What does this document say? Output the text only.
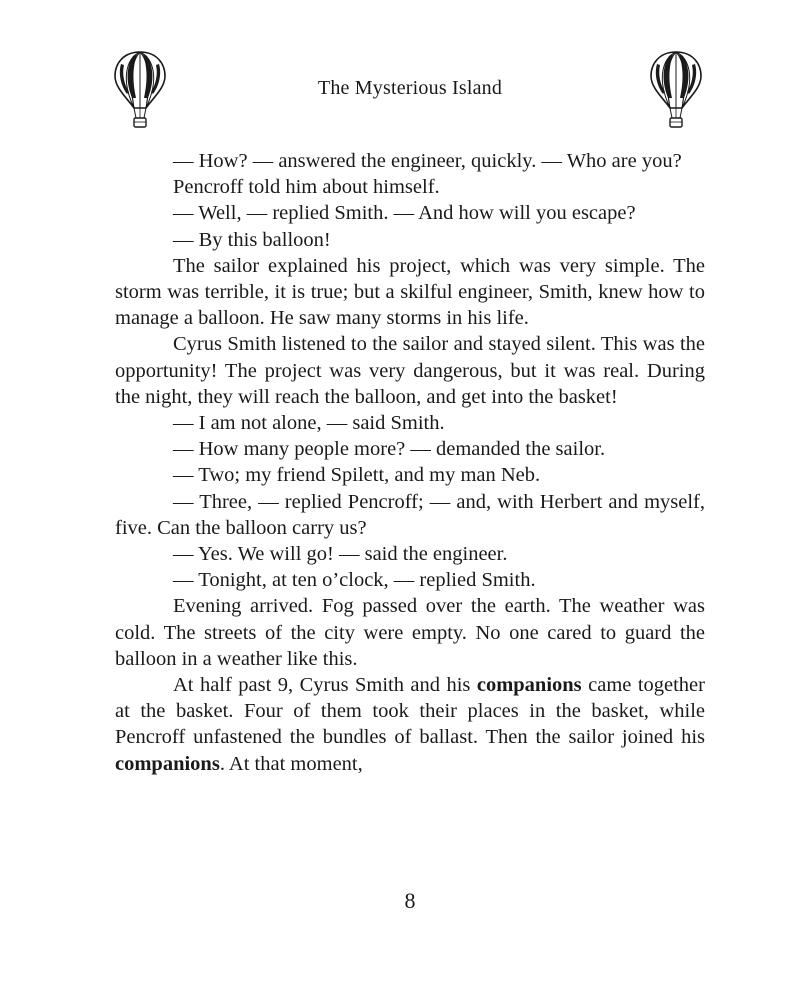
The Mysterious Island

— How? — answered the engineer, quickly. — Who are you?

Pencroff told him about himself.

— Well, — replied Smith. — And how will you escape?

— By this balloon!

The sailor explained his project, which was very simple. The storm was terrible, it is true; but a skilful engineer, Smith, knew how to manage a balloon. He saw many storms in his life.

Cyrus Smith listened to the sailor and stayed silent. This was the opportunity! The project was very dangerous, but it was real. During the night, they will reach the balloon, and get into the basket!

— I am not alone, — said Smith.

— How many people more? — demanded the sailor.

— Two; my friend Spilett, and my man Neb.

— Three, — replied Pencroff; — and, with Herbert and myself, five. Can the balloon carry us?

— Yes. We will go! — said the engineer.

— Tonight, at ten o’clock, — replied Smith.

Evening arrived. Fog passed over the earth. The weather was cold. The streets of the city were empty. No one cared to guard the balloon in a weather like this.

At half past 9, Cyrus Smith and his companions came together at the basket. Four of them took their places in the basket, while Pencroff unfastened the bundles of ballast. Then the sailor joined his companions. At that moment,

8
